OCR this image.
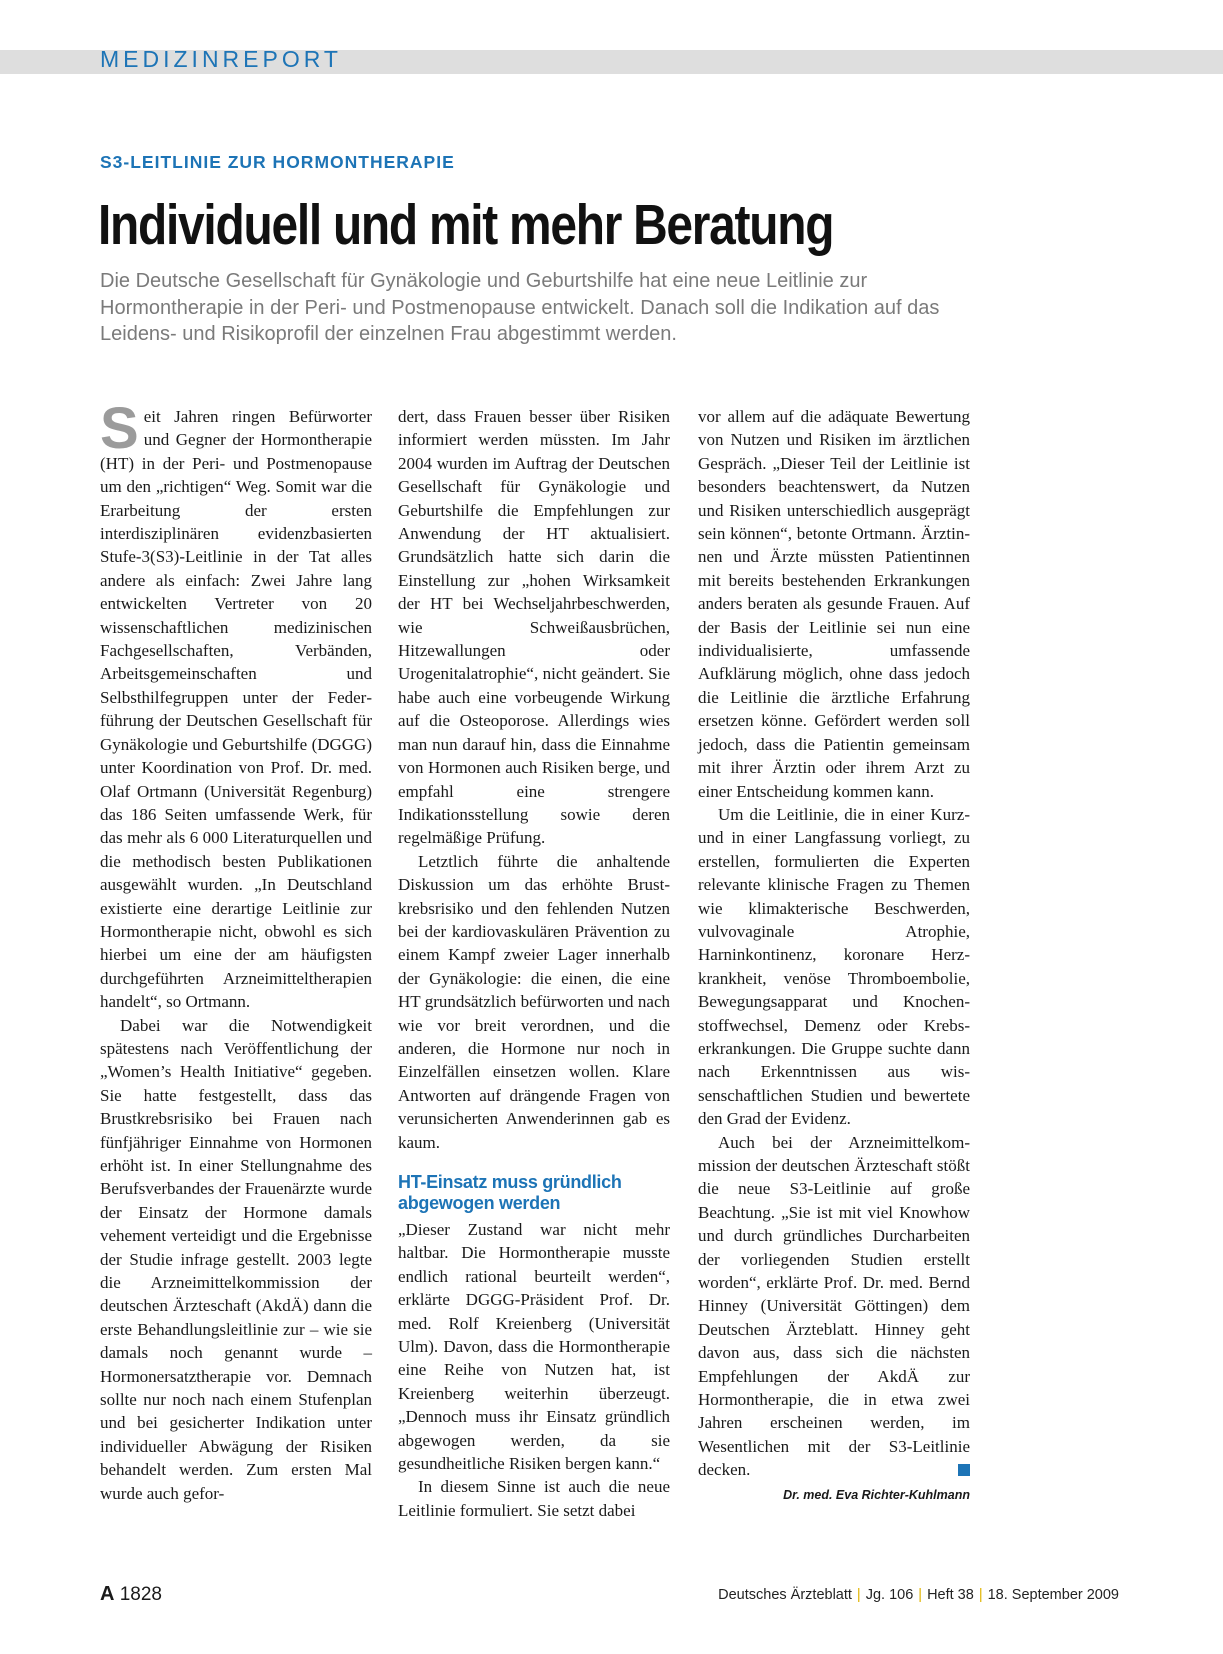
MEDIZINREPORT
S3-LEITLINIE ZUR HORMONTHERAPIE
Individuell und mit mehr Beratung

Die Deutsche Gesellschaft für Gynäkologie und Geburtshilfe hat eine neue Leitlinie zur Hormontherapie in der Peri- und Postmenopause entwickelt. Danach soll die Indikation auf das Leidens- und Risikoprofil der einzelnen Frau abgestimmt werden.

Seit Jahren ringen Befürworter und Gegner der Hormontherapie (HT) in der Peri- und Postmenopause um den „richtigen“ Weg. Somit war die Erarbeitung der ersten interdisziplinären evidenzbasierten Stufe-3(S3)-Leitlinie in der Tat alles andere als einfach: Zwei Jahre lang entwickelten Vertreter von 20 wissenschaftlichen medizinischen Fachgesellschaften, Verbänden, Arbeitsgemeinschaften und Selbsthilfegruppen unter der Federführung der Deutschen Gesellschaft für Gynäkologie und Geburtshilfe (DGGG) unter Koordination von Prof. Dr. med. Olaf Ortmann (Universität Regenburg) das 186 Seiten umfassende Werk, für das mehr als 6 000 Literaturquellen und die methodisch besten Publikationen ausgewählt wurden. „In Deutschland existierte eine derartige Leitlinie zur Hormontherapie nicht, obwohl es sich hierbei um eine der am häufigsten durchgeführten Arzneimitteltherapien handelt“, so Ortmann.

Dabei war die Notwendigkeit spätestens nach Veröffentlichung der „Women’s Health Initiative“ gegeben. Sie hatte festgestellt, dass das Brustkrebsrisiko bei Frauen nach fünfjähriger Einnahme von Hormonen erhöht ist. In einer Stellungnahme des Berufsverbandes der Frauenärzte wurde der Einsatz der Hormone damals vehement verteidigt und die Ergebnisse der Studie infrage gestellt. 2003 legte die Arzneimittelkommission der deutschen Ärzteschaft (AkdÄ) dann die erste Behandlungsleitlinie zur – wie sie damals noch genannt wurde – Hormonersatztherapie vor. Demnach sollte nur noch nach einem Stufenplan und bei gesicherter Indikation unter individueller Abwägung der Risiken behandelt werden. Zum ersten Mal wurde auch gefor-

dert, dass Frauen besser über Risiken informiert werden müssten. Im Jahr 2004 wurden im Auftrag der Deutschen Gesellschaft für Gynäkologie und Geburtshilfe die Empfehlungen zur Anwendung der HT aktualisiert. Grundsätzlich hatte sich darin die Einstellung zur „hohen Wirksamkeit der HT bei Wechseljahrbeschwerden, wie Schweißausbrüchen, Hitzewallungen oder Urogenitalatrophie“, nicht geändert. Sie habe auch eine vorbeugende Wirkung auf die Osteoporose. Allerdings wies man nun darauf hin, dass die Einnahme von Hormonen auch Risiken berge, und empfahl eine strengere Indikationsstellung sowie deren regelmäßige Prüfung.

Letztlich führte die anhaltende Diskussion um das erhöhte Brustkrebsrisiko und den fehlenden Nutzen bei der kardiovaskulären Prävention zu einem Kampf zweier Lager innerhalb der Gynäkologie: die einen, die eine HT grundsätzlich befürworten und nach wie vor breit verordnen, und die anderen, die Hormone nur noch in Einzelfällen einsetzen wollen. Klare Antworten auf drängende Fragen von verunsicherten Anwenderinnen gab es kaum.

HT-Einsatz muss gründlich abgewogen werden

„Dieser Zustand war nicht mehr haltbar. Die Hormontherapie musste endlich rational beurteilt werden“, erklärte DGGG-Präsident Prof. Dr. med. Rolf Kreienberg (Universität Ulm). Davon, dass die Hormontherapie eine Reihe von Nutzen hat, ist Kreienberg weiterhin überzeugt. „Dennoch muss ihr Einsatz gründlich abgewogen werden, da sie gesundheitliche Risiken bergen kann.“

In diesem Sinne ist auch die neue Leitlinie formuliert. Sie setzt dabei

vor allem auf die adäquate Bewertung von Nutzen und Risiken im ärztlichen Gespräch. „Dieser Teil der Leitlinie ist besonders beachtenswert, da Nutzen und Risiken unterschiedlich ausgeprägt sein können“, betonte Ortmann. Ärztinnen und Ärzte müssten Patientinnen mit bereits bestehenden Erkrankungen anders beraten als gesunde Frauen. Auf der Basis der Leitlinie sei nun eine individualisierte, umfassende Aufklärung möglich, ohne dass jedoch die Leitlinie die ärztliche Erfahrung ersetzen könne. Gefördert werden soll jedoch, dass die Patientin gemeinsam mit ihrer Ärztin oder ihrem Arzt zu einer Entscheidung kommen kann.

Um die Leitlinie, die in einer Kurz- und in einer Langfassung vorliegt, zu erstellen, formulierten die Experten relevante klinische Fragen zu Themen wie klimakterische Beschwerden, vulvovaginale Atrophie, Harninkontinenz, koronare Herzkrankheit, venöse Thromboembolie, Bewegungsapparat und Knochenstoffwechsel, Demenz oder Krebserkrankungen. Die Gruppe suchte dann nach Erkenntnissen aus wissenschaftlichen Studien und bewertete den Grad der Evidenz.

Auch bei der Arzneimittelkommission der deutschen Ärzteschaft stößt die neue S3-Leitlinie auf große Beachtung. „Sie ist mit viel Knowhow und durch gründliches Durcharbeiten der vorliegenden Studien erstellt worden“, erklärte Prof. Dr. med. Bernd Hinney (Universität Göttingen) dem Deutschen Ärzteblatt. Hinney geht davon aus, dass sich die nächsten Empfehlungen der AkdÄ zur Hormontherapie, die in etwa zwei Jahren erscheinen werden, im Wesentlichen mit der S3-Leitlinie decken.

Dr. med. Eva Richter-Kuhlmann
A 1828	Deutsches Ärzteblatt | Jg. 106 | Heft 38 | 18. September 2009
